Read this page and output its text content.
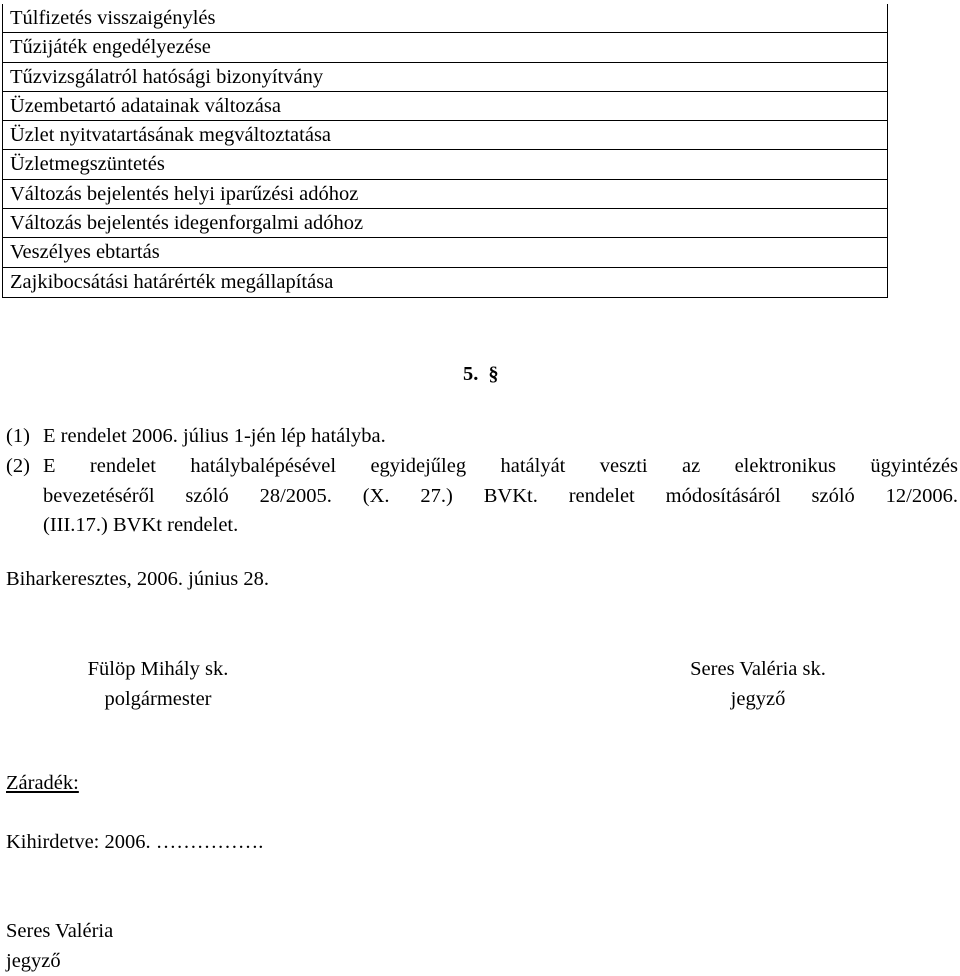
Túlfizetés visszaigénylés
Tűzijáték engedélyezése
Tűzvizsgálatról hatósági bizonyítvány
Üzembetartó adatainak változása
Üzlet nyitvatartásának megváltoztatása
Üzletmegszüntetés
Változás bejelentés helyi iparűzési adóhoz
Változás bejelentés idegenforgalmi adóhoz
Veszélyes ebtartás
Zajkibocsátási határérték megállapítása
5. §
(1) E rendelet 2006. július 1-jén lép hatályba.
(2) E rendelet hatálybalépésével egyidejűleg hatályát veszti az elektronikus ügyintézés
bevezetéséről szóló 28/2005. (X. 27.) BVKt. rendelet módosításáról szóló 12/2006.
(III.17.) BVKt rendelet.
Biharkeresztes, 2006. június 28.
Fülöp Mihály sk.
polgármester
Seres Valéria sk.
jegyző
Záradék:
Kihirdetve: 2006. …………….
Seres Valéria
jegyző
